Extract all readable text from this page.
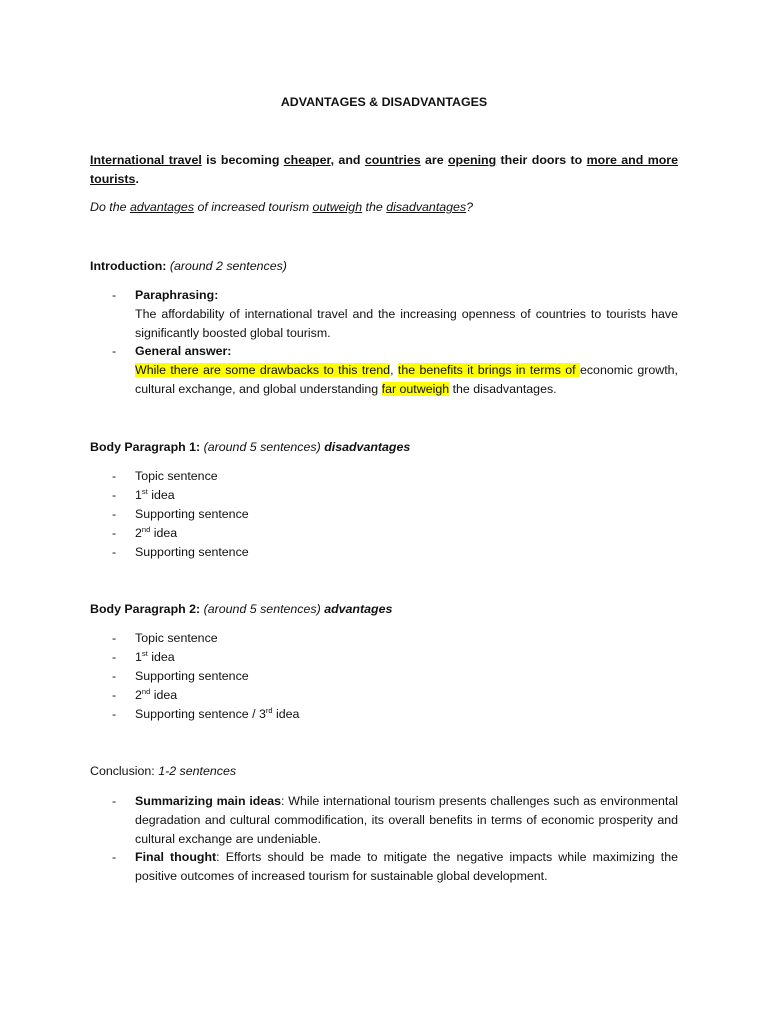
ADVANTAGES & DISADVANTAGES
International travel is becoming cheaper, and countries are opening their doors to more and more tourists.
Do the advantages of increased tourism outweigh the disadvantages?
Introduction: (around 2 sentences)
- Paraphrasing:
The affordability of international travel and the increasing openness of countries to tourists have significantly boosted global tourism.
- General answer:
While there are some drawbacks to this trend, the benefits it brings in terms of economic growth, cultural exchange, and global understanding far outweigh the disadvantages.
Body Paragraph 1: (around 5 sentences) disadvantages
- Topic sentence
- 1st idea
- Supporting sentence
- 2nd idea
- Supporting sentence
Body Paragraph 2: (around 5 sentences) advantages
- Topic sentence
- 1st idea
- Supporting sentence
- 2nd idea
- Supporting sentence / 3rd idea
Conclusion: 1-2 sentences
- Summarizing main ideas: While international tourism presents challenges such as environmental degradation and cultural commodification, its overall benefits in terms of economic prosperity and cultural exchange are undeniable.
- Final thought: Efforts should be made to mitigate the negative impacts while maximizing the positive outcomes of increased tourism for sustainable global development.
